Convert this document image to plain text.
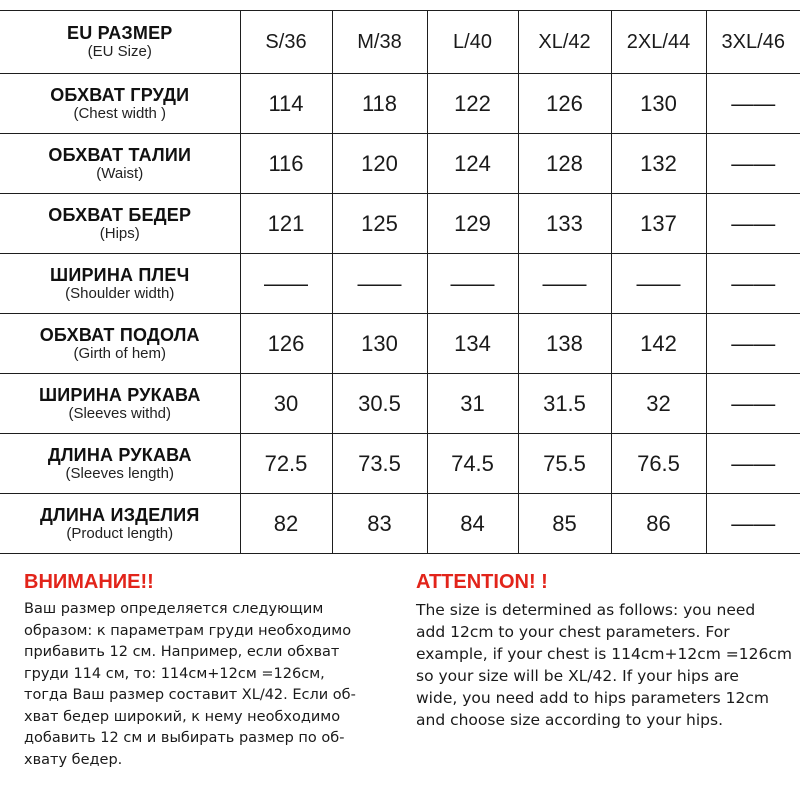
EU РАЗМЕР
(EU Size)	S/36	M/38	L/40	XL/42	2XL/44	3XL/46

ОБХВАТ ГРУДИ
(Chest width )	114	118	122	126	130	——

ОБХВАТ ТАЛИИ
(Waist)	116	120	124	128	132	——

ОБХВАТ БЕДЕР
(Hips)	121	125	129	133	137	——

ШИРИНА ПЛЕЧ
(Shoulder width)	——	——	——	——	——	——

ОБХВАТ ПОДОЛА
(Girth of hem)	126	130	134	138	142	——

ШИРИНА РУКАВА
(Sleeves withd)	30	30.5	31	31.5	32	——

ДЛИНА РУКАВА
(Sleeves length)	72.5	73.5	74.5	75.5	76.5	——

ДЛИНА ИЗДЕЛИЯ
(Product length)	82	83	84	85	86	——
ВНИМАНИЕ!!
Ваш размер определяется следующим
образом: к параметрам груди необходимо
прибавить 12 см. Например, если обхват
груди 114 см, то: 114см+12см =126см,
тогда Ваш размер составит XL/42. Если об-
хват бедер широкий, к нему необходимо
добавить 12 см и выбирать размер по об-
хвату бедер.
ATTENTION! !
The size is determined as follows: you need
add 12cm to your chest parameters. For
example, if your chest is 114cm+12cm =126cm
so your size will be XL/42. If your hips are
wide, you need add to hips parameters 12cm
and choose size according to your hips.
